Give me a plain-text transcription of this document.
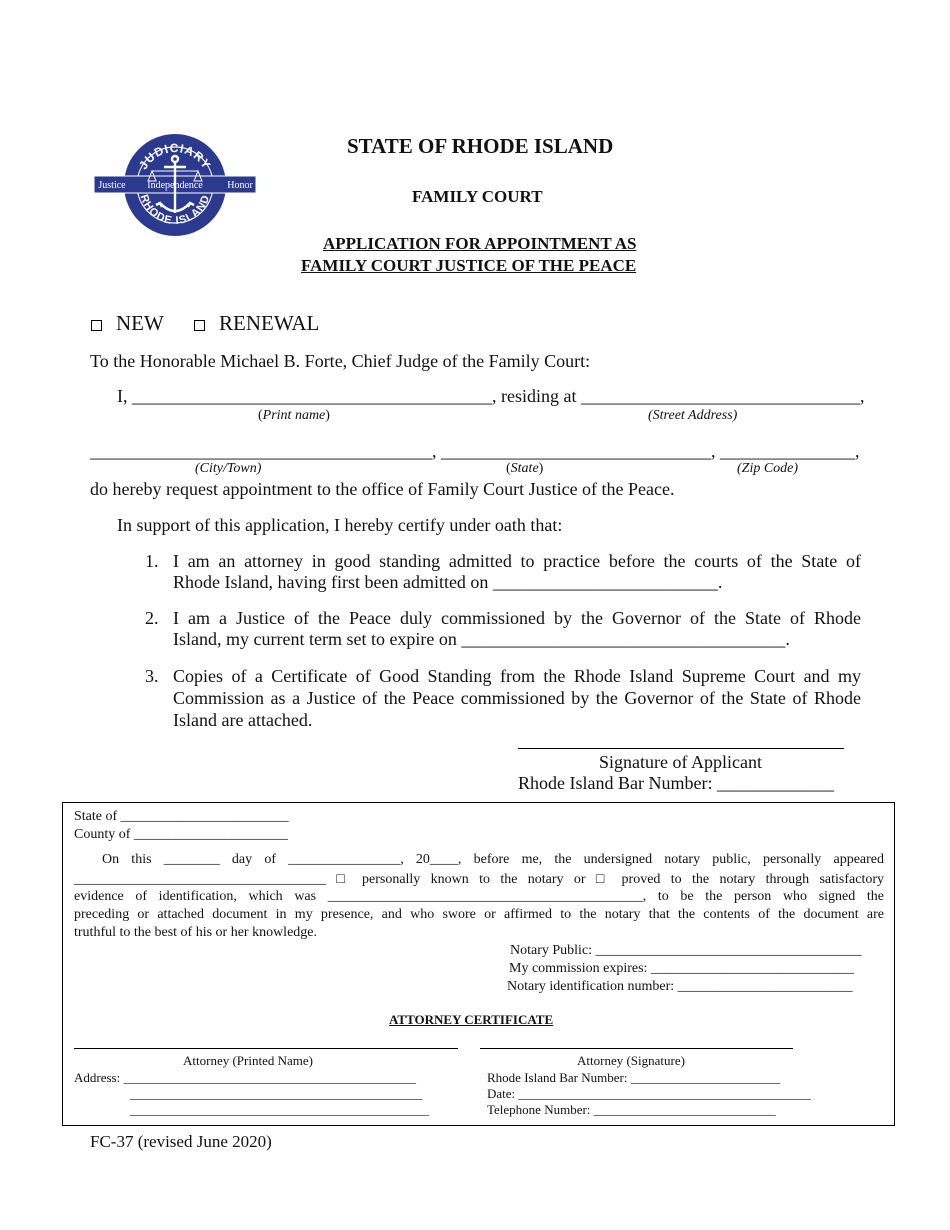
JUDICIARY
RHODE ISLAND
Justice Independence Honor
STATE OF RHODE ISLAND
FAMILY COURT
APPLICATION FOR APPOINTMENT AS
FAMILY COURT JUSTICE OF THE PEACE
NEW	RENEWAL
To the Honorable Michael B. Forte, Chief Judge of the Family Court:
I, ________________________________________, residing at _______________________________,
(Print name)	(Street Address)
______________________________________, ______________________________, _______________,
(City/Town)	(State)	(Zip Code)
do hereby request appointment to the office of Family Court Justice of the Peace.
In support of this application, I hereby certify under oath that:
1. I am an attorney in good standing admitted to practice before the courts of the State of
Rhode Island, having first been admitted on _________________________.
2. I am a Justice of the Peace duly commissioned by the Governor of the State of Rhode
Island, my current term set to expire on ____________________________________.
3. Copies of a Certificate of Good Standing from the Rhode Island Supreme Court and my
Commission as a Justice of the Peace commissioned by the Governor of the State of Rhode
Island are attached.
Signature of Applicant
Rhode Island Bar Number: _____________
State of ________________________
County of ______________________
On this ________ day of ________________, 20____, before me, the undersigned notary public, personally appeared
____________________________________ □ personally known to the notary or □ proved to the notary through satisfactory
evidence of identification, which was _____________________________________________, to be the person who signed the
preceding or attached document in my presence, and who swore or affirmed to the notary that the contents of the document are
truthful to the best of his or her knowledge.
Notary Public: ______________________________________
My commission expires: _____________________________
Notary identification number: _________________________
ATTORNEY CERTIFICATE
Attorney (Printed Name)	Attorney (Signature)
Address: _____________________________________________
_____________________________________________
______________________________________________
Rhode Island Bar Number: _______________________
Date: _____________________________________________
Telephone Number: ____________________________
FC-37 (revised June 2020)
